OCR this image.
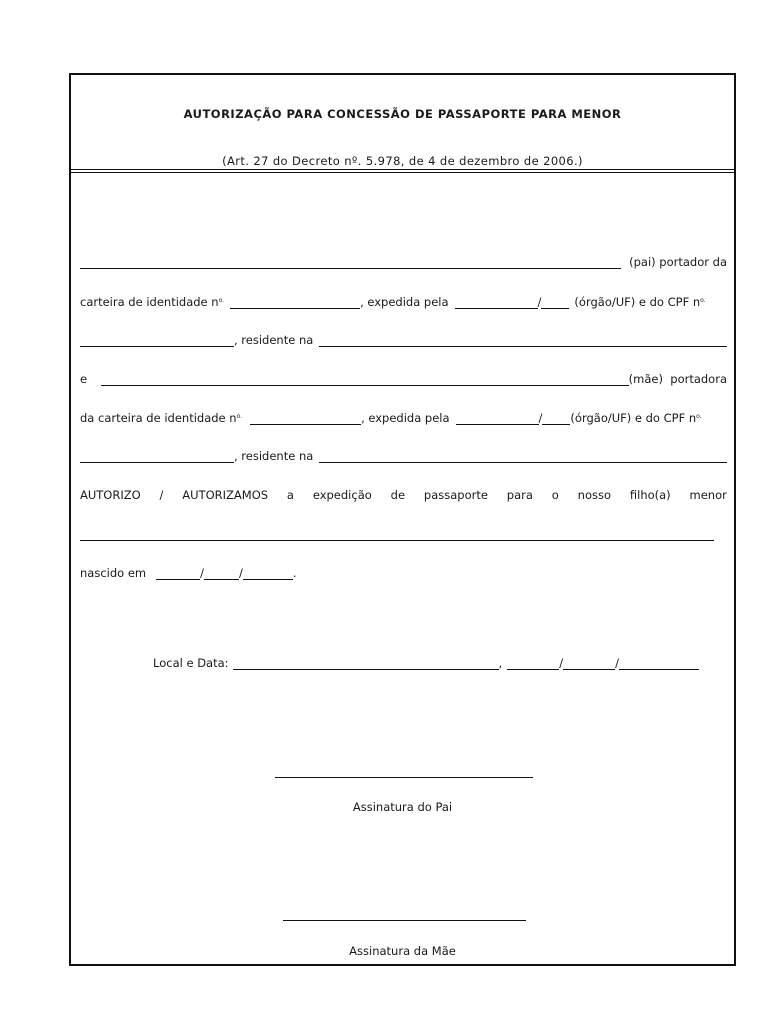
AUTORIZAÇÃO PARA CONCESSÃO DE PASSAPORTE PARA MENOR
(Art. 27 do Decreto nº. 5.978, de 4 de dezembro de 2006.)
(pai) portador da
carteira de identidade $n^{o.}$	, expedida pela	/	(órgão/UF) e do CPF $n^{o.}$
, residente na
e	(mãe)  portadora
da carteira de identidade $n^{o.}$	, expedida pela	/ (órgão/UF) e do CPF $n^{o.}$
, residente na
AUTORIZO / AUTORIZAMOS a expedição de passaporte para o nosso filho(a) menor
nascido em	/	/	.
Local e Data:	,	/	/
Assinatura do Pai
Assinatura da Mãe
